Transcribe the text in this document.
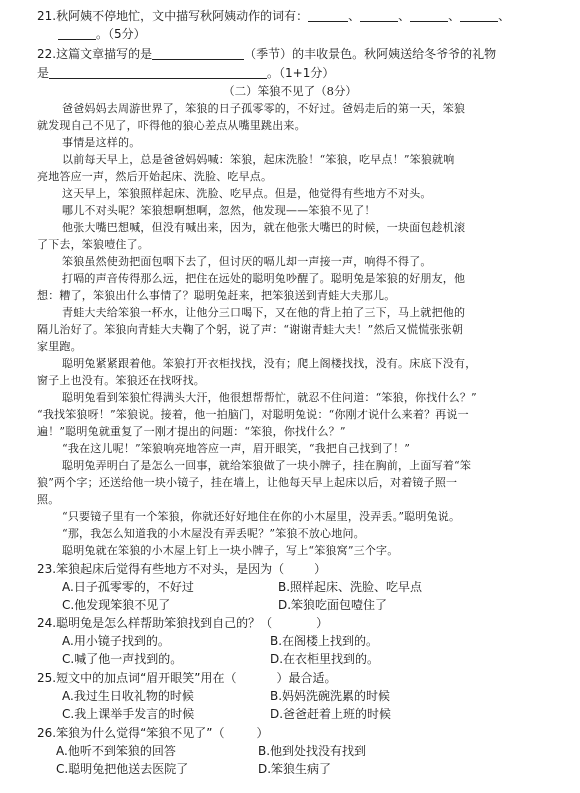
21.秋阿姨不停地忙，文中描写秋阿姨动作的词有：	、	、	、	、
。（5分）
22.这篇文章描写的是	（季节）的丰收景色。秋阿姨送给冬爷爷的礼物
是	。（1+1分）
（二）笨狼不见了（8分）
爸爸妈妈去周游世界了，笨狼的日子孤零零的，不好过。爸妈走后的第一天，笨狼
就发现自己不见了，吓得他的狼心差点从嘴里跳出来。
事情是这样的。
以前每天早上，总是爸爸妈妈喊：笨狼，起床洗脸！“笨狼，吃早点！”笨狼就响
亮地答应一声，然后开始起床、洗脸、吃早点。
这天早上，笨狼照样起床、洗脸、吃早点。但是，他觉得有些地方不对头。
哪儿不对头呢？笨狼想啊想啊，忽然，他发现——笨狼不见了！
他张大嘴巴想喊，但没有喊出来，因为，就在他张大嘴巴的时候，一块面包趁机滚
了下去，笨狼噎住了。
笨狼虽然使劲把面包咽下去了，但讨厌的嗝儿却一声接一声，响得不得了。
打嗝的声音传得那么远，把住在远处的聪明兔吵醒了。聪明兔是笨狼的好朋友，他
想：糟了，笨狼出什么事情了？聪明兔赶来，把笨狼送到青蛙大夫那儿。
青蛙大夫给笨狼一杯水，让他分三口喝下，又在他的背上拍了三下，马上就把他的
隔儿治好了。笨狼向青蛙大夫鞠了个躬，说了声：“谢谢青蛙大夫！”然后又慌慌张张朝
家里跑。
聪明兔紧紧跟着他。笨狼打开衣柜找找，没有；爬上阁楼找找，没有。床底下没有，
窗子上也没有。笨狼还在找呀找。
聪明兔看到笨狼忙得满头大汗，他很想帮帮忙，就忍不住问道：“笨狼，你找什么？”
“我找笨狼呀！”笨狼说。接着，他一拍脑门，对聪明兔说：“你刚才说什么来着？再说一
遍！”聪明兔就重复了一刚才提出的问题：“笨狼，你找什么？”
“我在这儿呢！”笨狼响亮地答应一声，眉开眼笑，“我把自己找到了！”
聪明兔弄明白了是怎么一回事，就给笨狼做了一块小牌子，挂在胸前，上面写着“笨
狼”两个字；还送给他一块小镜子，挂在墙上，让他每天早上起床以后，对着镜子照一
照。
“只要镜子里有一个笨狼，你就还好好地住在你的小木屋里，没弄丢。”聪明兔说。
“那，我怎么知道我的小木屋没有弄丢呢？”笨狼不放心地问。
聪明兔就在笨狼的小木屋上钉上一块小牌子，写上“笨狼窝”三个字。
23.笨狼起床后觉得有些地方不对头，是因为（	）
A.日子孤零零的，不好过	B.照样起床、洗脸、吃早点
C.他发现笨狼不见了	D.笨狼吃面包噎住了
24.聪明兔是怎么样帮助笨狼找到自己的？（	）
A.用小镜子找到的。	B.在阁楼上找到的。
C.喊了他一声找到的。	D.在衣柜里找到的。
25.短文中的加点词“眉开眼笑”用在（	）最合适。
A.我过生日收礼物的时候	B.妈妈洗碗洗累的时候
C.我上课举手发言的时候	D.爸爸赶着上班的时候
26.笨狼为什么觉得“笨狼不见了”（	）
A.他听不到笨狼的回答	B.他到处找没有找到
C.聪明兔把他送去医院了	D.笨狼生病了
